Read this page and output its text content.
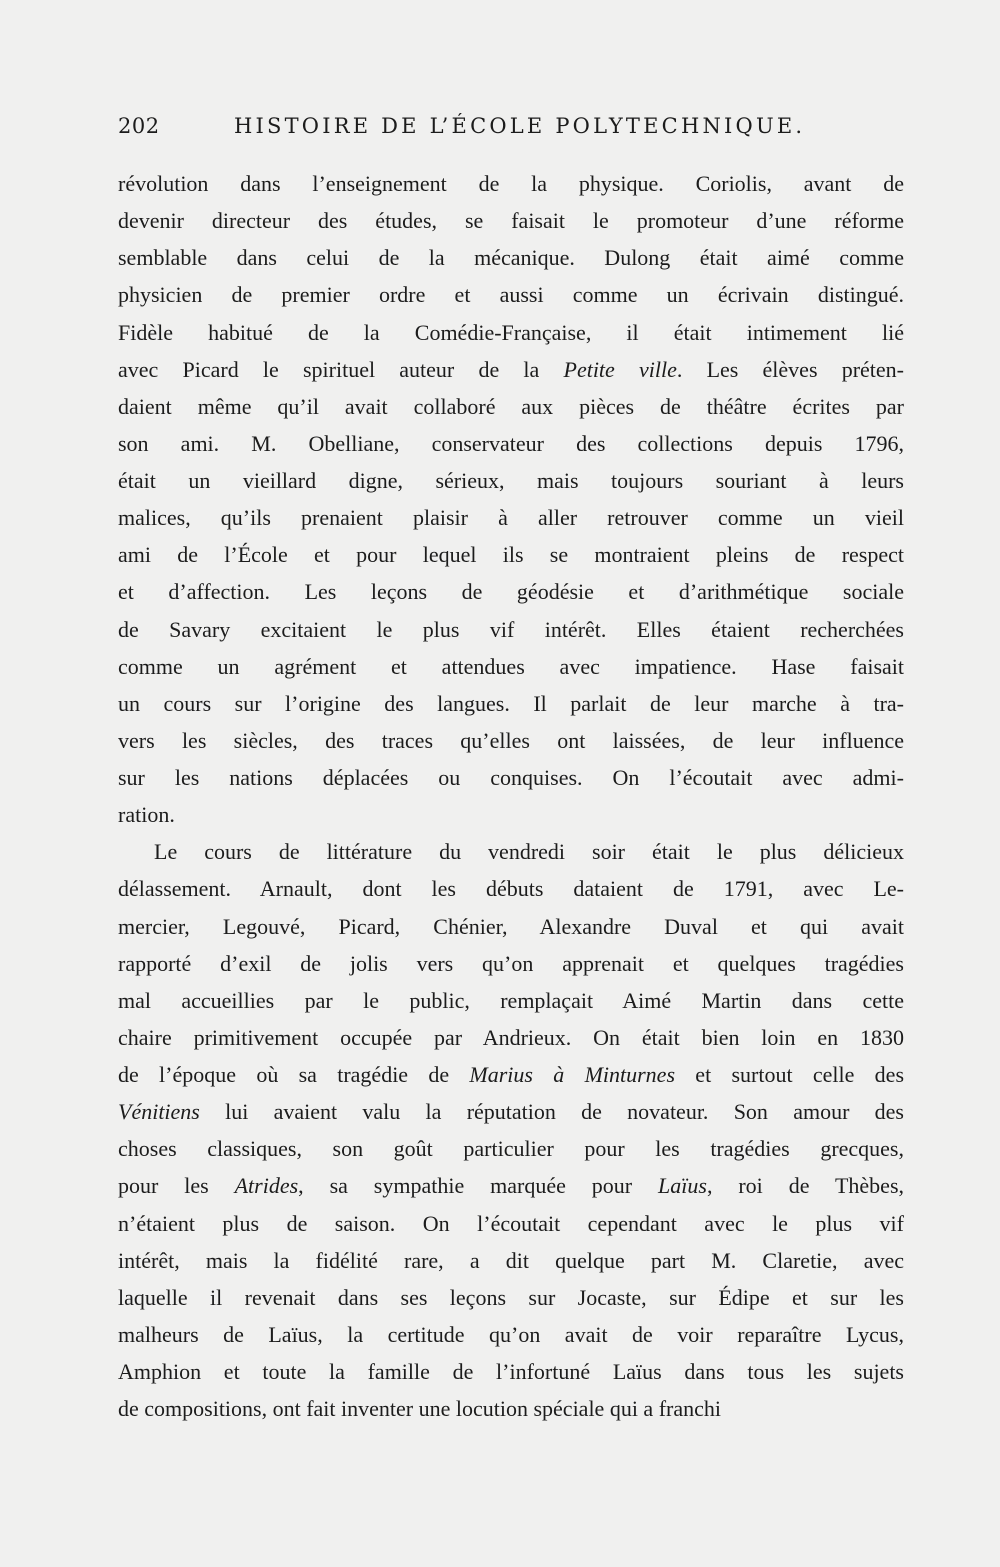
202	HISTOIRE DE L’ÉCOLE POLYTECHNIQUE.
révolution dans l’enseignement de la physique. Coriolis, avant de
devenir directeur des études, se faisait le promoteur d’une réforme
semblable dans celui de la mécanique. Dulong était aimé comme
physicien de premier ordre et aussi comme un écrivain distingué.
Fidèle habitué de la Comédie-Française, il était intimement lié
avec Picard le spirituel auteur de la Petite ville. Les élèves préten-
daient même qu’il avait collaboré aux pièces de théâtre écrites par
son ami. M. Obelliane, conservateur des collections depuis 1796,
était un vieillard digne, sérieux, mais toujours souriant à leurs
malices, qu’ils prenaient plaisir à aller retrouver comme un vieil
ami de l’École et pour lequel ils se montraient pleins de respect
et d’affection. Les leçons de géodésie et d’arithmétique sociale
de Savary excitaient le plus vif intérêt. Elles étaient recherchées
comme un agrément et attendues avec impatience. Hase faisait
un cours sur l’origine des langues. Il parlait de leur marche à tra-
vers les siècles, des traces qu’elles ont laissées, de leur influence
sur les nations déplacées ou conquises. On l’écoutait avec admi-
ration.
Le cours de littérature du vendredi soir était le plus délicieux
délassement. Arnault, dont les débuts dataient de 1791, avec Le-
mercier, Legouvé, Picard, Chénier, Alexandre Duval et qui avait
rapporté d’exil de jolis vers qu’on apprenait et quelques tragédies
mal accueillies par le public, remplaçait Aimé Martin dans cette
chaire primitivement occupée par Andrieux. On était bien loin en 1830
de l’époque où sa tragédie de Marius à Minturnes et surtout celle des
Vénitiens lui avaient valu la réputation de novateur. Son amour des
choses classiques, son goût particulier pour les tragédies grecques,
pour les Atrides, sa sympathie marquée pour Laïus, roi de Thèbes,
n’étaient plus de saison. On l’écoutait cependant avec le plus vif
intérêt, mais la fidélité rare, a dit quelque part M. Claretie, avec
laquelle il revenait dans ses leçons sur Jocaste, sur Édipe et sur les
malheurs de Laïus, la certitude qu’on avait de voir reparaître Lycus,
Amphion et toute la famille de l’infortuné Laïus dans tous les sujets
de compositions, ont fait inventer une locution spéciale qui a franchi
